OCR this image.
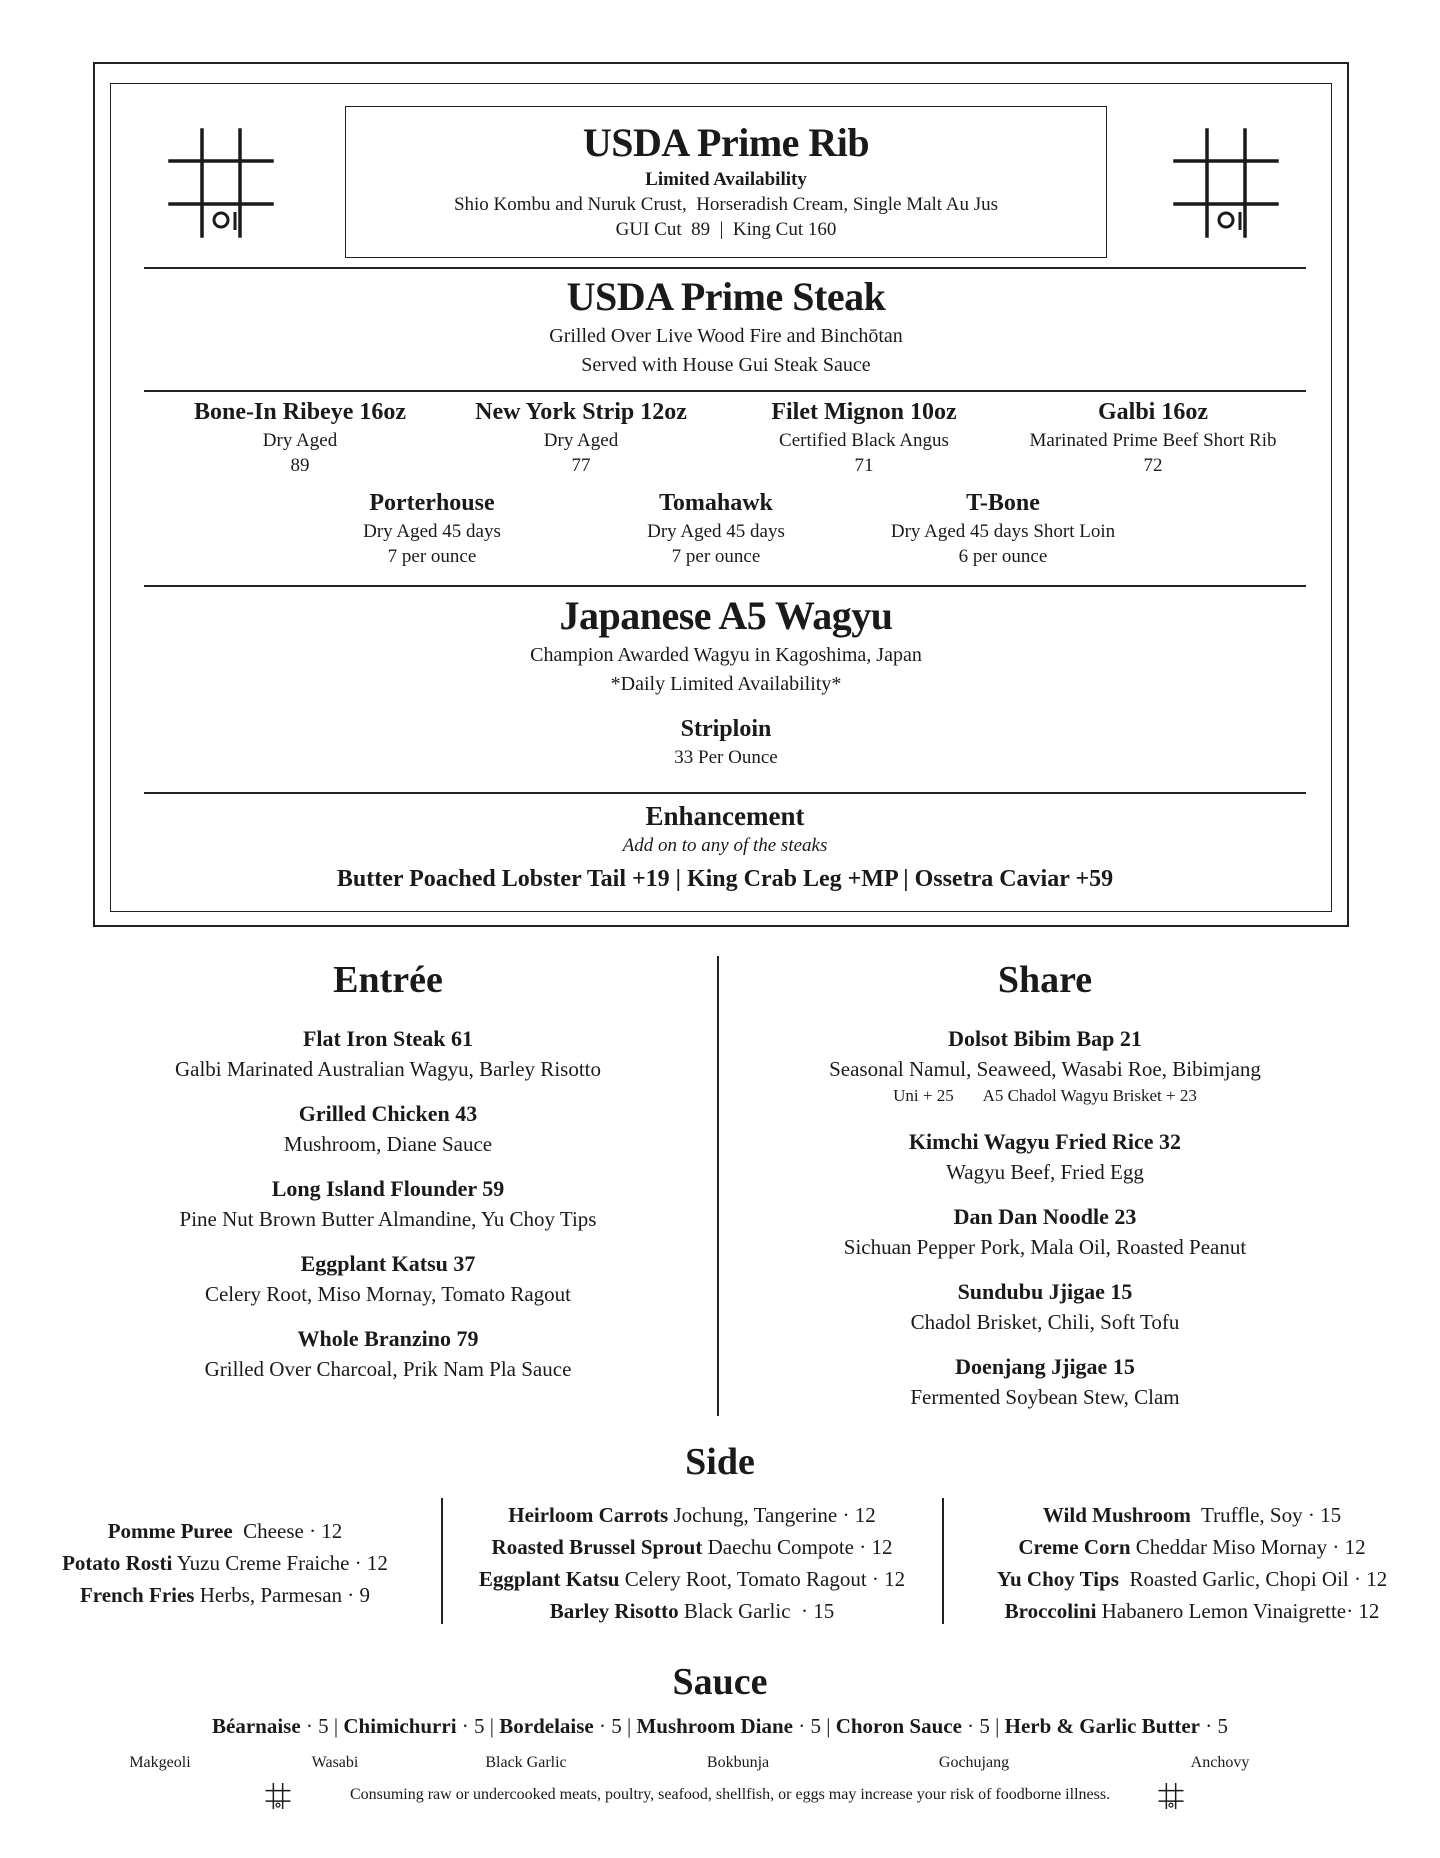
USDA Prime Rib
Limited Availability
Shio Kombu and Nuruk Crust,  Horseradish Cream, Single Malt Au Jus
GUI Cut  89  |  King Cut 160
USDA Prime Steak
Grilled Over Live Wood Fire and Binchōtan
Served with House Gui Steak Sauce
Bone-In Ribeye 16oz
Dry Aged
89
New York Strip 12oz
Dry Aged
77
Filet Mignon 10oz
Certified Black Angus
71
Galbi 16oz
Marinated Prime Beef Short Rib
72
Porterhouse
Dry Aged 45 days
7 per ounce
Tomahawk
Dry Aged 45 days
7 per ounce
T-Bone
Dry Aged 45 days Short Loin
6 per ounce
Japanese A5 Wagyu
Champion Awarded Wagyu in Kagoshima, Japan
*Daily Limited Availability*
Striploin
33 Per Ounce
Enhancement
Add on to any of the steaks
Butter Poached Lobster Tail +19 | King Crab Leg +MP | Ossetra Caviar +59
Entrée	Share
Flat Iron Steak 61
Galbi Marinated Australian Wagyu, Barley Risotto
Grilled Chicken 43
Mushroom, Diane Sauce
Long Island Flounder 59
Pine Nut Brown Butter Almandine, Yu Choy Tips
Eggplant Katsu 37
Celery Root, Miso Mornay, Tomato Ragout
Whole Branzino 79
Grilled Over Charcoal, Prik Nam Pla Sauce
Dolsot Bibim Bap 21
Seasonal Namul, Seaweed, Wasabi Roe, Bibimjang
Uni + 25 A5 Chadol Wagyu Brisket + 23
Kimchi Wagyu Fried Rice 32
Wagyu Beef, Fried Egg
Dan Dan Noodle 23
Sichuan Pepper Pork, Mala Oil, Roasted Peanut
Sundubu Jjigae 15
Chadol Brisket, Chili, Soft Tofu
Doenjang Jjigae 15
Fermented Soybean Stew, Clam
Side
Pomme Puree Cheese · 12
Potato Rosti Yuzu Creme Fraiche · 12
French Fries Herbs, Parmesan · 9
Heirloom Carrots Jochung, Tangerine · 12
Roasted Brussel Sprout Daechu Compote · 12
Eggplant Katsu Celery Root, Tomato Ragout · 12
Barley Risotto Black Garlic  · 15
Wild Mushroom Truffle, Soy · 15
Creme Corn Cheddar Miso Mornay · 12
Yu Choy Tips Roasted Garlic, Chopi Oil · 12
Broccolini Habanero Lemon Vinaigrette· 12
Sauce
Béarnaise · 5 | Chimichurri · 5 | Bordelaise · 5 | Mushroom Diane · 5 | Choron Sauce · 5 | Herb & Garlic Butter · 5
Makgeoli	Wasabi	Black Garlic	Bokbunja	Gochujang	Anchovy
Consuming raw or undercooked meats, poultry, seafood, shellfish, or eggs may increase your risk of foodborne illness.
